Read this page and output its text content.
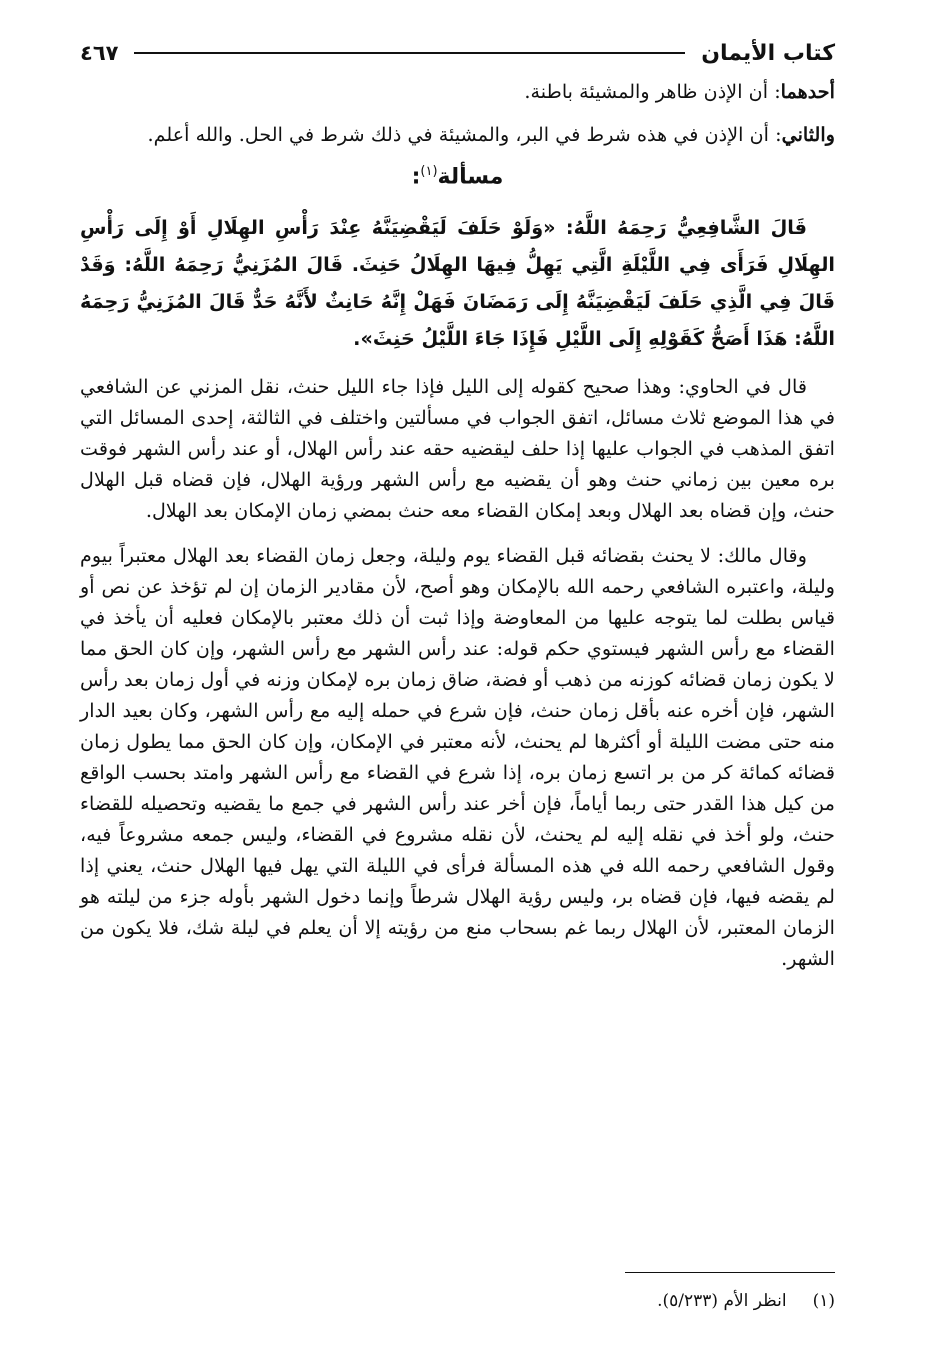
كتاب الأيمان
٤٦٧

أحدهما: أن الإذن ظاهر والمشيئة باطنة.

والثاني: أن الإذن في هذه شرط في البر، والمشيئة في ذلك شرط في الحل. والله أعلم.

مسألة$^{(١)}$:

قَالَ الشَّافِعِيُّ رَحِمَهُ اللَّهُ: «وَلَوْ حَلَفَ لَيَقْضِيَنَّهُ عِنْدَ رَأْسِ الهِلَالِ أَوْ إِلَى رَأْسِ الهِلَالِ فَرَأَى فِي اللَّيْلَةِ الَّتِي يَهِلُّ فِيهَا الهِلَالُ حَنِثَ. قَالَ المُزَنِيُّ رَحِمَهُ اللَّهُ: وَقَدْ قَالَ فِي الَّذِي حَلَفَ لَيَقْضِيَنَّهُ إِلَى رَمَضَانَ فَهَلْ إِنَّهُ حَانِثٌ لأَنَّهُ حَدٌّ قَالَ المُزَنِيُّ رَحِمَهُ اللَّهُ: هَذَا أَصَحُّ كَقَوْلِهِ إِلَى اللَّيْلِ فَإِذَا جَاءَ اللَّيْلُ حَنِثَ».

قال في الحاوي: وهذا صحيح كقوله إلى الليل فإذا جاء الليل حنث، نقل المزني عن الشافعي في هذا الموضع ثلاث مسائل، اتفق الجواب في مسألتين واختلف في الثالثة، إحدى المسائل التي اتفق المذهب في الجواب عليها إذا حلف ليقضيه حقه عند رأس الهلال، أو عند رأس الشهر فوقت بره معين بين زماني حنث وهو أن يقضيه مع رأس الشهر ورؤية الهلال، فإن قضاه قبل الهلال حنث، وإن قضاه بعد الهلال وبعد إمكان القضاء معه حنث بمضي زمان الإمكان بعد الهلال.

وقال مالك: لا يحنث بقضائه قبل القضاء يوم وليلة، وجعل زمان القضاء بعد الهلال معتبراً بيوم وليلة، واعتبره الشافعي رحمه الله بالإمكان وهو أصح، لأن مقادير الزمان إن لم تؤخذ عن نص أو قياس بطلت لما يتوجه عليها من المعاوضة وإذا ثبت أن ذلك معتبر بالإمكان فعليه أن يأخذ في القضاء مع رأس الشهر فيستوي حكم قوله: عند رأس الشهر مع رأس الشهر، وإن كان الحق مما لا يكون زمان قضائه كوزنه من ذهب أو فضة، ضاق زمان بره لإمكان وزنه في أول زمان بعد رأس الشهر، فإن أخره عنه بأقل زمان حنث، فإن شرع في حمله إليه مع رأس الشهر، وكان بعيد الدار منه حتى مضت الليلة أو أكثرها لم يحنث، لأنه معتبر في الإمكان، وإن كان الحق مما يطول زمان قضائه كمائة كر من بر اتسع زمان بره، إذا شرع في القضاء مع رأس الشهر وامتد بحسب الواقع من كيل هذا القدر حتى ربما أياماً، فإن أخر عند رأس الشهر في جمع ما يقضيه وتحصيله للقضاء حنث، ولو أخذ في نقله إليه لم يحنث، لأن نقله مشروع في القضاء، وليس جمعه مشروعاً فيه، وقول الشافعي رحمه الله في هذه المسألة فرأى في الليلة التي يهل فيها الهلال حنث، يعني إذا لم يقضه فيها، فإن قضاه بر، وليس رؤية الهلال شرطاً وإنما دخول الشهر بأوله جزء من ليلته هو الزمان المعتبر، لأن الهلال ربما غم بسحاب منع من رؤيته إلا أن يعلم في ليلة شك، فلا يكون من الشهر.

(١)
انظر الأم (٥/٢٣٣).
